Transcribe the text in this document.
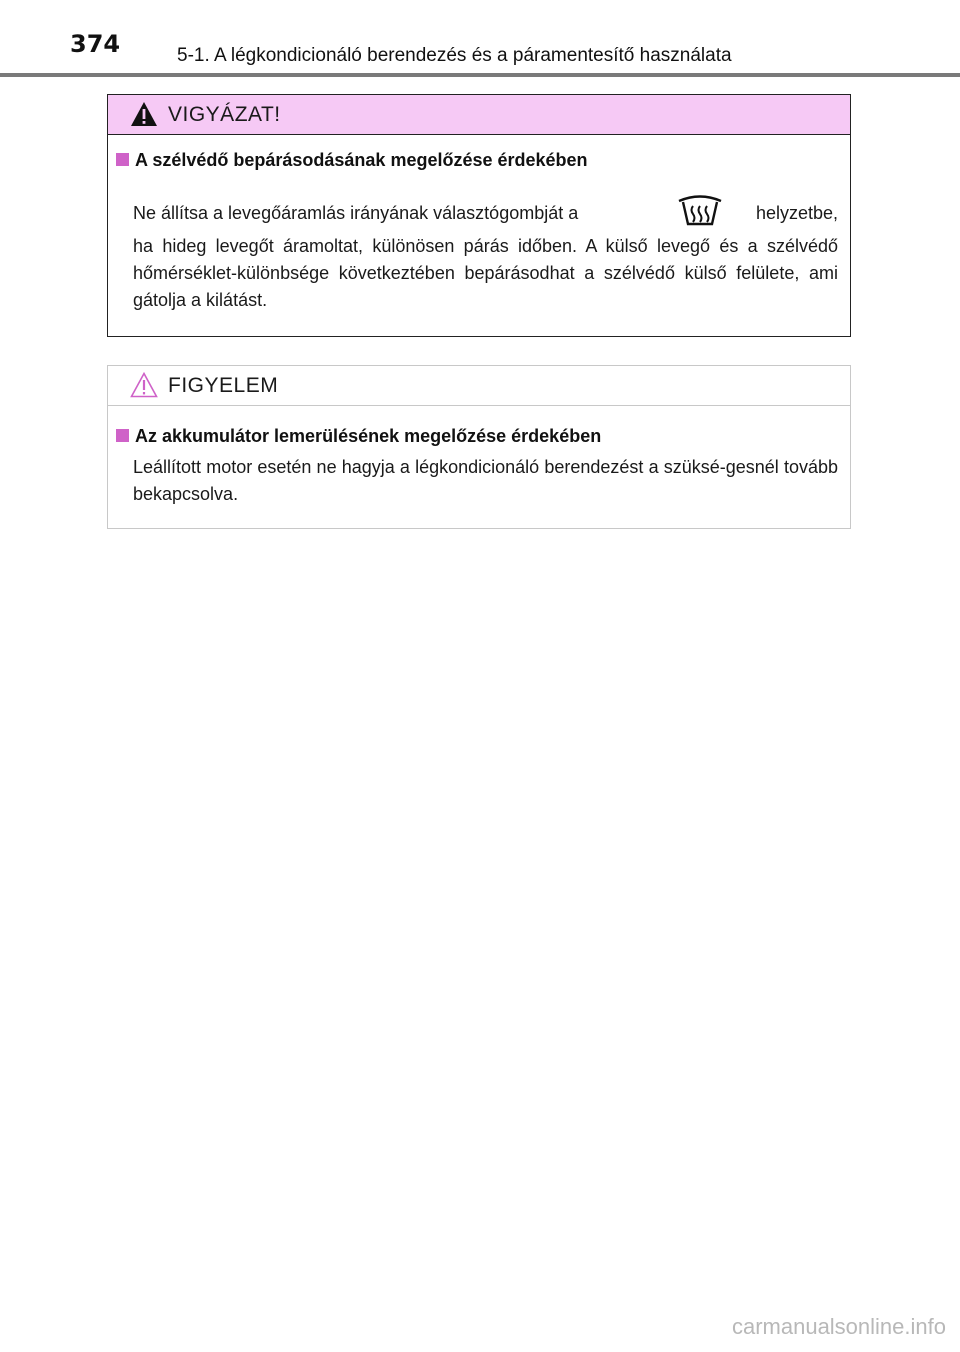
374	5-1. A légkondicionáló berendezés és a páramentesítő használata
VIGYÁZAT!
A szélvédő bepárásodásának megelőzése érdekében
Ne állítsa a levegőáramlás irányának választógombját a	helyzetbe,
ha hideg levegőt áramoltat, különösen párás időben. A külső levegő és a szélvédő hőmérséklet-különbsége következtében bepárásodhat a szélvédő külső felülete, ami gátolja a kilátást.
FIGYELEM
Az akkumulátor lemerülésének megelőzése érdekében
Leállított motor esetén ne hagyja a légkondicionáló berendezést a szüksé-gesnél tovább bekapcsolva.
carmanualsonline.info
